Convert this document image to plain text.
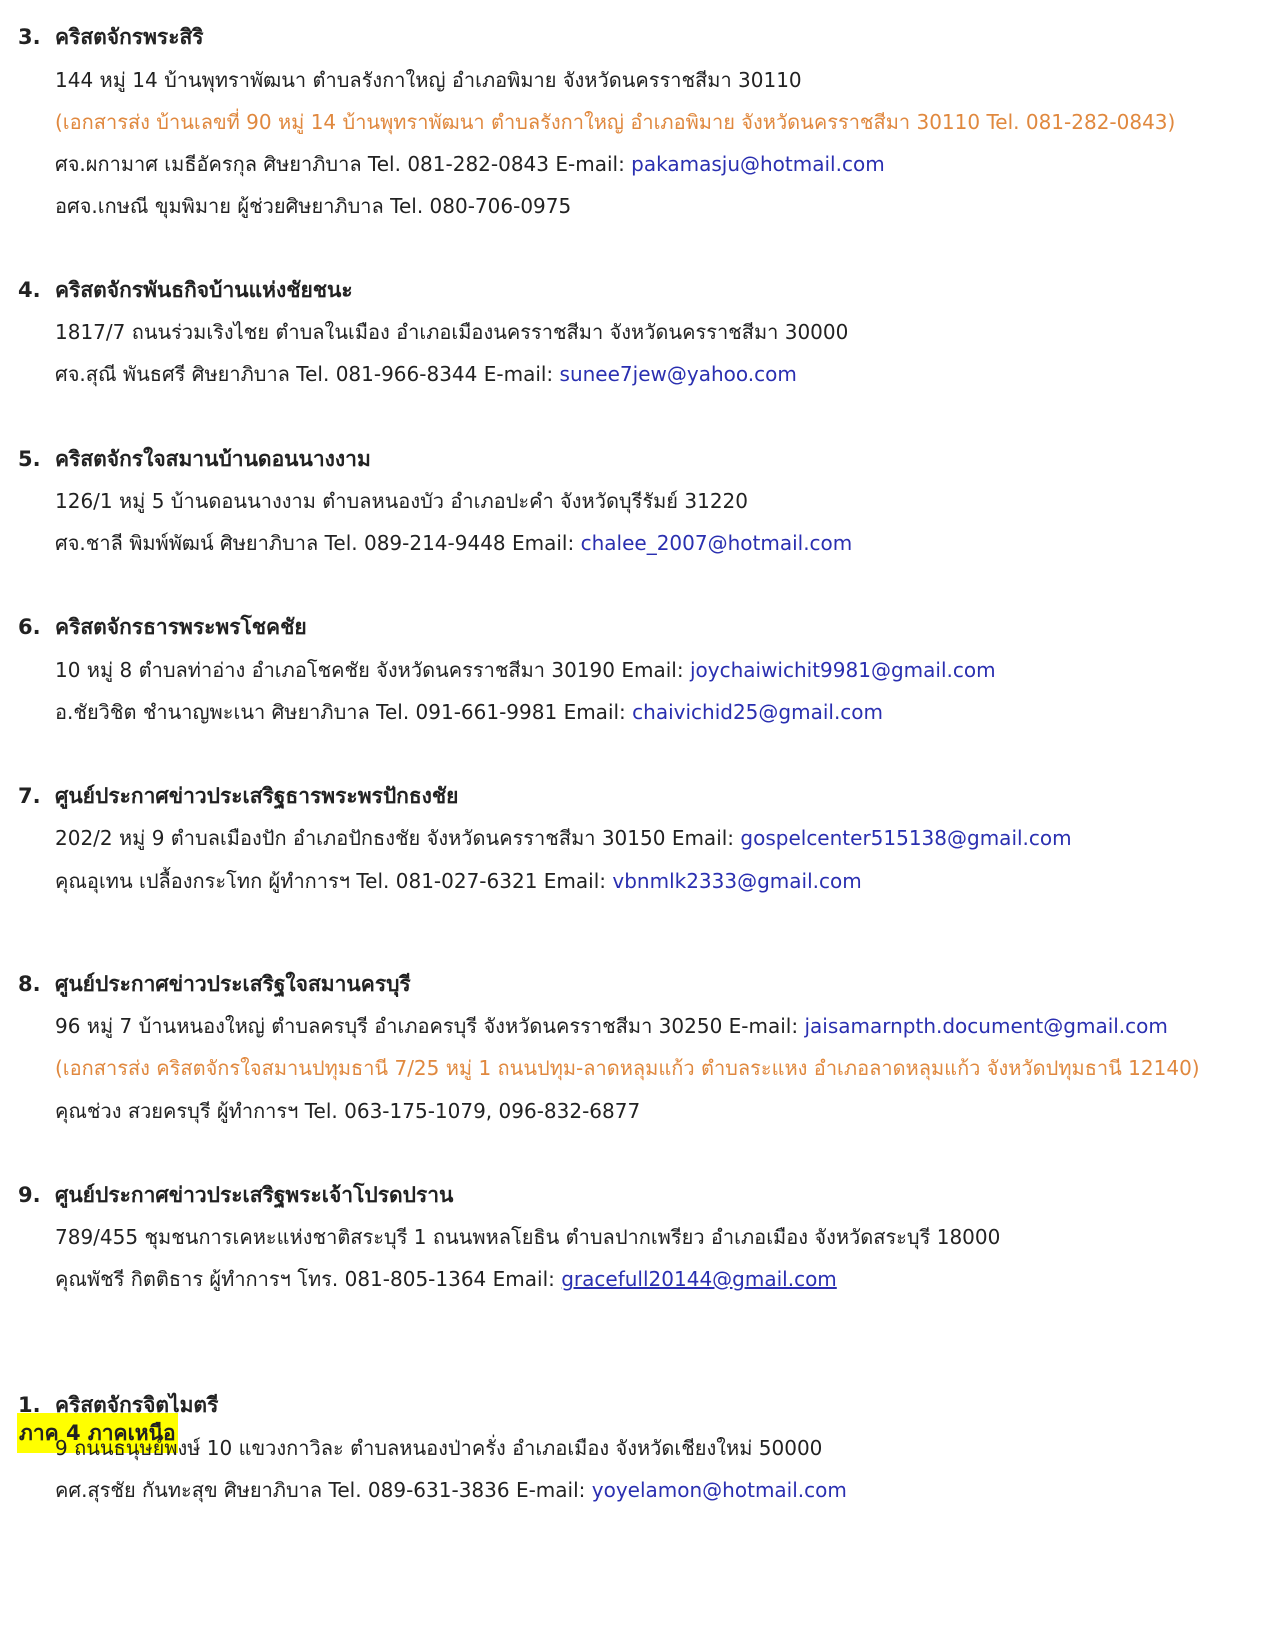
3. คริสตจักรพระสิริ
144 หมู่ 14 บ้านพุทราพัฒนา ตำบลรังกาใหญ่ อำเภอพิมาย จังหวัดนครราชสีมา 30110
(เอกสารส่ง บ้านเลขที่ 90 หมู่ 14 บ้านพุทราพัฒนา ตำบลรังกาใหญ่ อำเภอพิมาย จังหวัดนครราชสีมา 30110 Tel. 081-282-0843)
ศจ.ผกามาศ เมธีอัครกุล ศิษยาภิบาล Tel. 081-282-0843 E-mail: pakamasju@hotmail.com
อศจ.เกษณี ขุมพิมาย ผู้ช่วยศิษยาภิบาล Tel. 080-706-0975
4. คริสตจักรพันธกิจบ้านแห่งชัยชนะ
1817/7 ถนนร่วมเริงไชย ตำบลในเมือง อำเภอเมืองนครราชสีมา จังหวัดนครราชสีมา 30000
ศจ.สุณี พันธศรี ศิษยาภิบาล Tel. 081-966-8344 E-mail: sunee7jew@yahoo.com
5. คริสตจักรใจสมานบ้านดอนนางงาม
126/1 หมู่ 5 บ้านดอนนางงาม ตำบลหนองบัว อำเภอปะคำ จังหวัดบุรีรัมย์ 31220
ศจ.ชาลี พิมพ์พัฒน์ ศิษยาภิบาล Tel. 089-214-9448 Email: chalee_2007@hotmail.com
6. คริสตจักรธารพระพรโชคชัย
10 หมู่ 8 ตำบลท่าอ่าง อำเภอโชคชัย จังหวัดนครราชสีมา 30190 Email: joychaiwichit9981@gmail.com
อ.ชัยวิชิต ชำนาญพะเนา ศิษยาภิบาล Tel. 091-661-9981 Email: chaivichid25@gmail.com
7. ศูนย์ประกาศข่าวประเสริฐธารพระพรปักธงชัย
202/2 หมู่ 9 ตำบลเมืองปัก อำเภอปักธงชัย จังหวัดนครราชสีมา 30150 Email: gospelcenter515138@gmail.com
คุณอุเทน เปลื้องกระโทก ผู้ทำการฯ Tel. 081-027-6321 Email: vbnmlk2333@gmail.com
8. ศูนย์ประกาศข่าวประเสริฐใจสมานครบุรี
96 หมู่ 7 บ้านหนองใหญ่ ตำบลครบุรี อำเภอครบุรี จังหวัดนครราชสีมา 30250 E-mail: jaisamarnpth.document@gmail.com
(เอกสารส่ง คริสตจักรใจสมานปทุมธานี 7/25 หมู่ 1 ถนนปทุม-ลาดหลุมแก้ว ตำบลระแหง อำเภอลาดหลุมแก้ว จังหวัดปทุมธานี 12140)
คุณช่วง สวยครบุรี ผู้ทำการฯ Tel. 063-175-1079, 096-832-6877
9. ศูนย์ประกาศข่าวประเสริฐพระเจ้าโปรดปราน
789/455 ชุมชนการเคหะแห่งชาติสระบุรี 1 ถนนพหลโยธิน ตำบลปากเพรียว อำเภอเมือง จังหวัดสระบุรี 18000
คุณพัชรี กิตติธาร ผู้ทำการฯ โทร. 081-805-1364 Email: gracefull20144@gmail.com
ภาค 4 ภาคเหนือ
1. คริสตจักรจิตไมตรี
9 ถนนธนุษย์พงษ์ 10 แขวงกาวิละ ตำบลหนองป่าครั่ง อำเภอเมือง จังหวัดเชียงใหม่ 50000
คศ.สุรชัย กันทะสุข ศิษยาภิบาล Tel. 089-631-3836 E-mail: yoyelamon@hotmail.com
